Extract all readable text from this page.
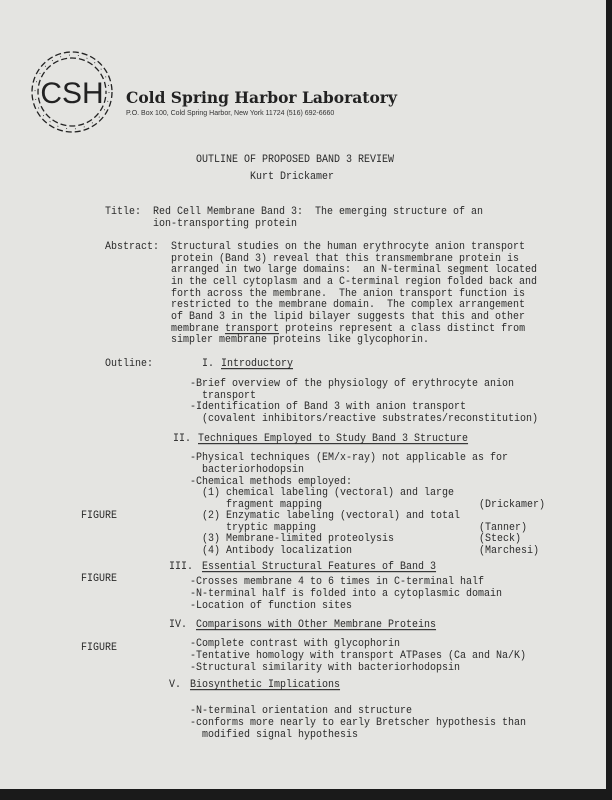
CSH Cold Spring Harbor Laboratory
P.O. Box 100, Cold Spring Harbor, New York 11724 (516) 692-6660
OUTLINE OF PROPOSED BAND 3 REVIEW
Kurt Drickamer
Title: Red Cell Membrane Band 3:  The emerging structure of an
ion-transporting protein
Abstract: Structural studies on the human erythrocyte anion transport
protein (Band 3) reveal that this transmembrane protein is
arranged in two large domains:  an N-terminal segment located
in the cell cytoplasm and a C-terminal region folded back and
forth across the membrane.  The anion transport function is
restricted to the membrane domain.  The complex arrangement
of Band 3 in the lipid bilayer suggests that this and other
membrane transport proteins represent a class distinct from
simpler membrane proteins like glycophorin.
Outline:	I. Introductory
-Brief overview of the physiology of erythrocyte anion
transport
-Identification of Band 3 with anion transport
(covalent inhibitors/reactive substrates/reconstitution)
II. Techniques Employed to Study Band 3 Structure
-Physical techniques (EM/x-ray) not applicable as for
bacteriorhodopsin
-Chemical methods employed:
(1) chemical labeling (vectoral) and large
fragment mapping
(2) Enzymatic labeling (vectoral) and total
tryptic mapping
(3) Membrane-limited proteolysis
(4) Antibody localization
(Drickamer)
(Tanner)
(Steck)
(Marchesi)
FIGURE
III. Essential Structural Features of Band 3
FIGURE	-Crosses membrane 4 to 6 times in C-terminal half
-N-terminal half is folded into a cytoplasmic domain
-Location of function sites
IV. Comparisons with Other Membrane Proteins
-Complete contrast with glycophorin
FIGURE
-Tentative homology with transport ATPases (Ca and Na/K)
-Structural similarity with bacteriorhodopsin
V. Biosynthetic Implications
-N-terminal orientation and structure
-conforms more nearly to early Bretscher hypothesis than
modified signal hypothesis
